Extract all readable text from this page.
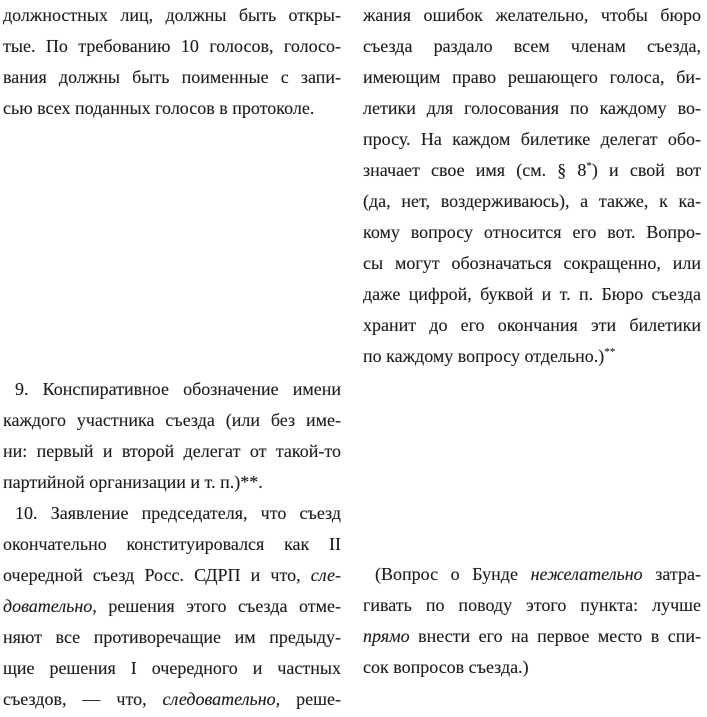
должностных лиц, должны быть откры-
тые. По требованию 10 голосов, голосо-
вания должны быть поименные с запи-
сью всех поданных голосов в протоколе.
9. Конспиративное обозначение имени
каждого участника съезда (или без име-
ни: первый и второй делегат от такой-то
партийной организации и т. п.)**.
10. Заявление председателя, что съезд
окончательно конституировался как II
очередной съезд Росс. СДРП и что, сле-
довательно, решения этого съезда отме-
няют все противоречащие им предыду-
щие решения I очередного и частных
съездов, — что, следовательно, реше-
жания ошибок желательно, чтобы бюро
съезда раздало всем членам съезда,
имеющим право решающего голоса, би-
летики для голосования по каждому во-
просу. На каждом билетике делегат обо-
значает свое имя (см. § 8*) и свой вот
(да, нет, воздерживаюсь), а также, к ка-
кому вопросу относится его вот. Вопро-
сы могут обозначаться сокращенно, или
даже цифрой, буквой и т. п. Бюро съезда
хранит до его окончания эти билетики
по каждому вопросу отдельно.)**
(Вопрос о Бунде нежелательно затра-
гивать по поводу этого пункта: лучше
прямо внести его на первое место в спи-
сок вопросов съезда.)
